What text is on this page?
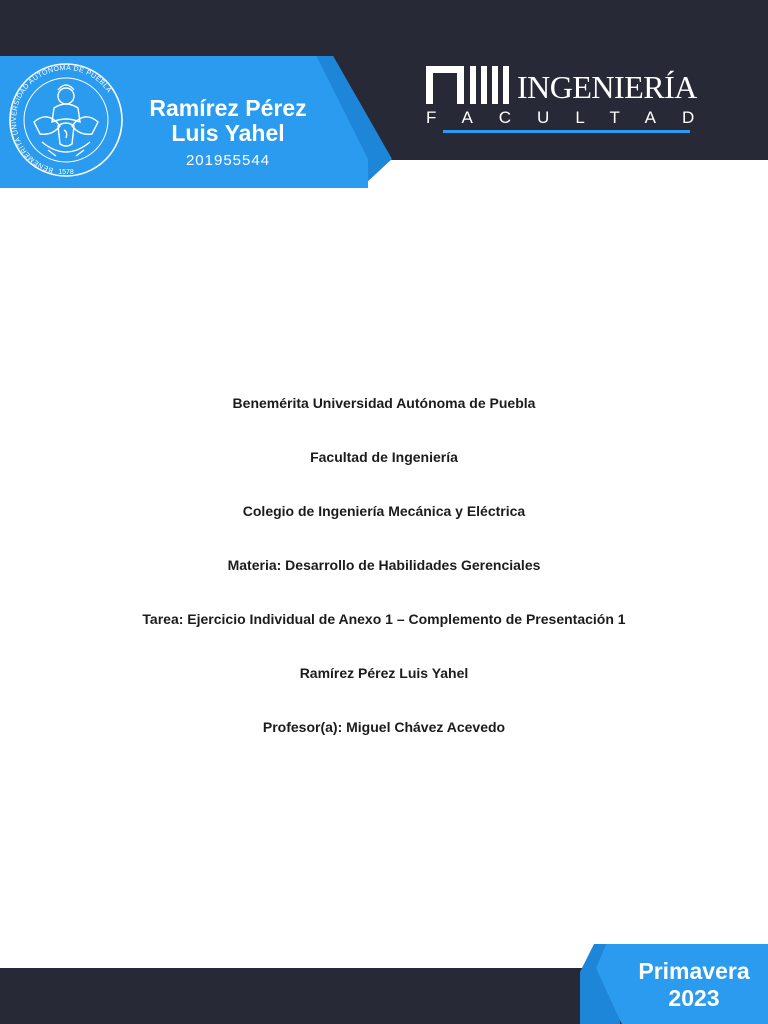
BENEMÉRITA UNIVERSIDAD AUTÓNOMA DE PUEBLA
1578
Ramírez Pérez
Luis Yahel
201955544
INGENIERÍA
FACULTAD
Benemérita Universidad Autónoma de Puebla
Facultad de Ingeniería
Colegio de Ingeniería Mecánica y Eléctrica
Materia: Desarrollo de Habilidades Gerenciales
Tarea: Ejercicio Individual de Anexo 1 – Complemento de Presentación 1
Ramírez Pérez Luis Yahel
Profesor(a): Miguel Chávez Acevedo
Primavera
2023
